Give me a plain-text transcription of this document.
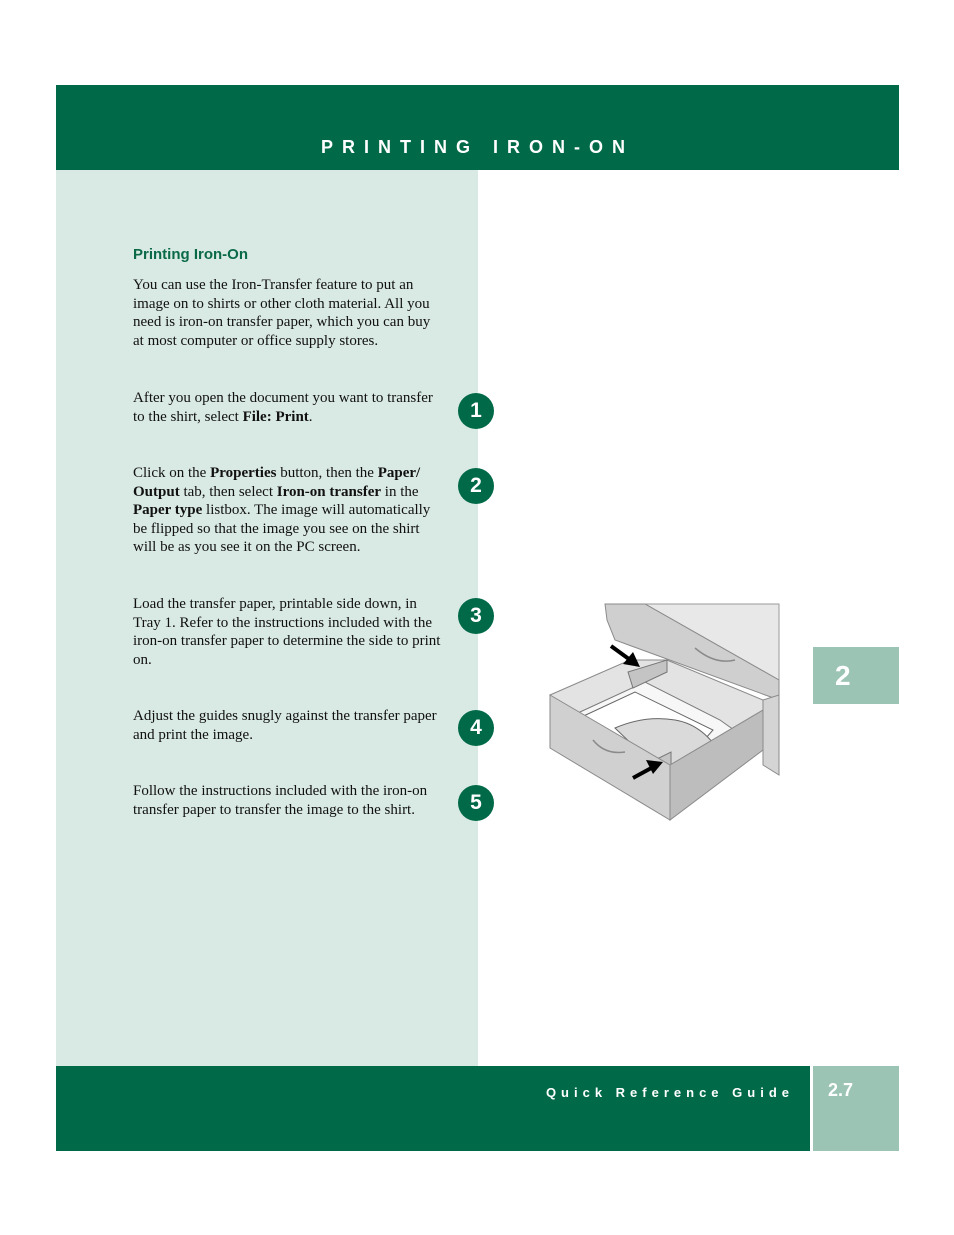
PRINTING IRON-ON
Printing Iron-On
You can use the Iron-Transfer feature to put an image on to shirts or other cloth material. All you need is iron-on transfer paper, which you can buy at most computer or office supply stores.
After you open the document you want to transfer to the shirt, select File: Print.	1
Click on the Properties button, then the Paper/ Output tab, then select Iron-on transfer in the Paper type listbox. The image will automatically be flipped so that the image you see on the shirt will be as you see it on the PC screen.
2
Load the transfer paper, printable side down, in Tray 1. Refer to the instructions included with the iron-on transfer paper to determine the side to print on.
3
Adjust the guides snugly against the transfer paper and print the image.	4
Follow the instructions included with the iron-on transfer paper to transfer the image to the shirt.	5
2
Quick Reference Guide 2.7
